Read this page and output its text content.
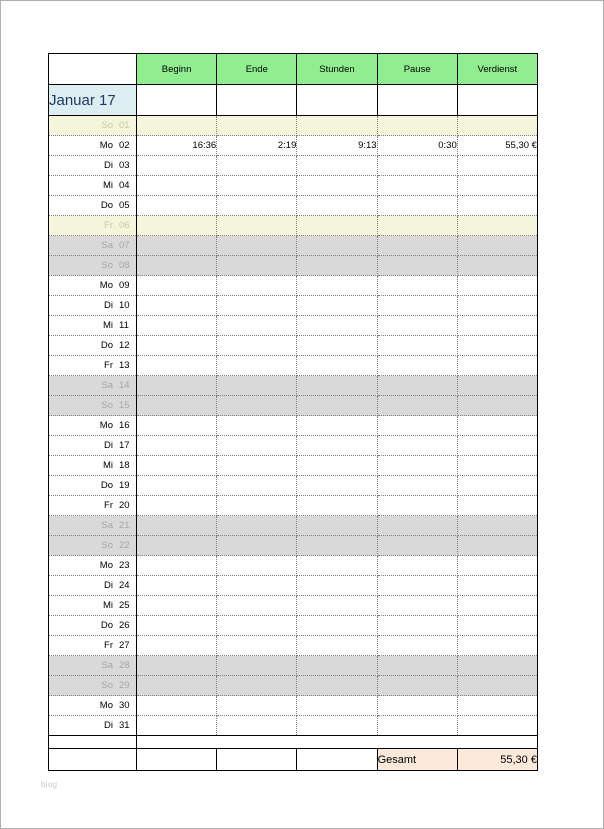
	Beginn	Ende	Stunden	Pause	Verdienst
Januar 17					
So 01					
Mo 02	16:36	2:19	9:13	0:30	55,30 €
Di 03					
Mi 04					
Do 05					
Fr 06					
Sa 07					
So 08					
Mo 09					
Di 10					
Mi 11					
Do 12					
Fr 13					
Sa 14					
So 15					
Mo 16					
Di 17					
Mi 18					
Do 19					
Fr 20					
Sa 21					
So 22					
Mo 23					
Di 24					
Mi 25					
Do 26					
Fr 27					
Sa 28					
So 29					
Mo 30					
Di 31					

				Gesamt	55,30 €

blog
